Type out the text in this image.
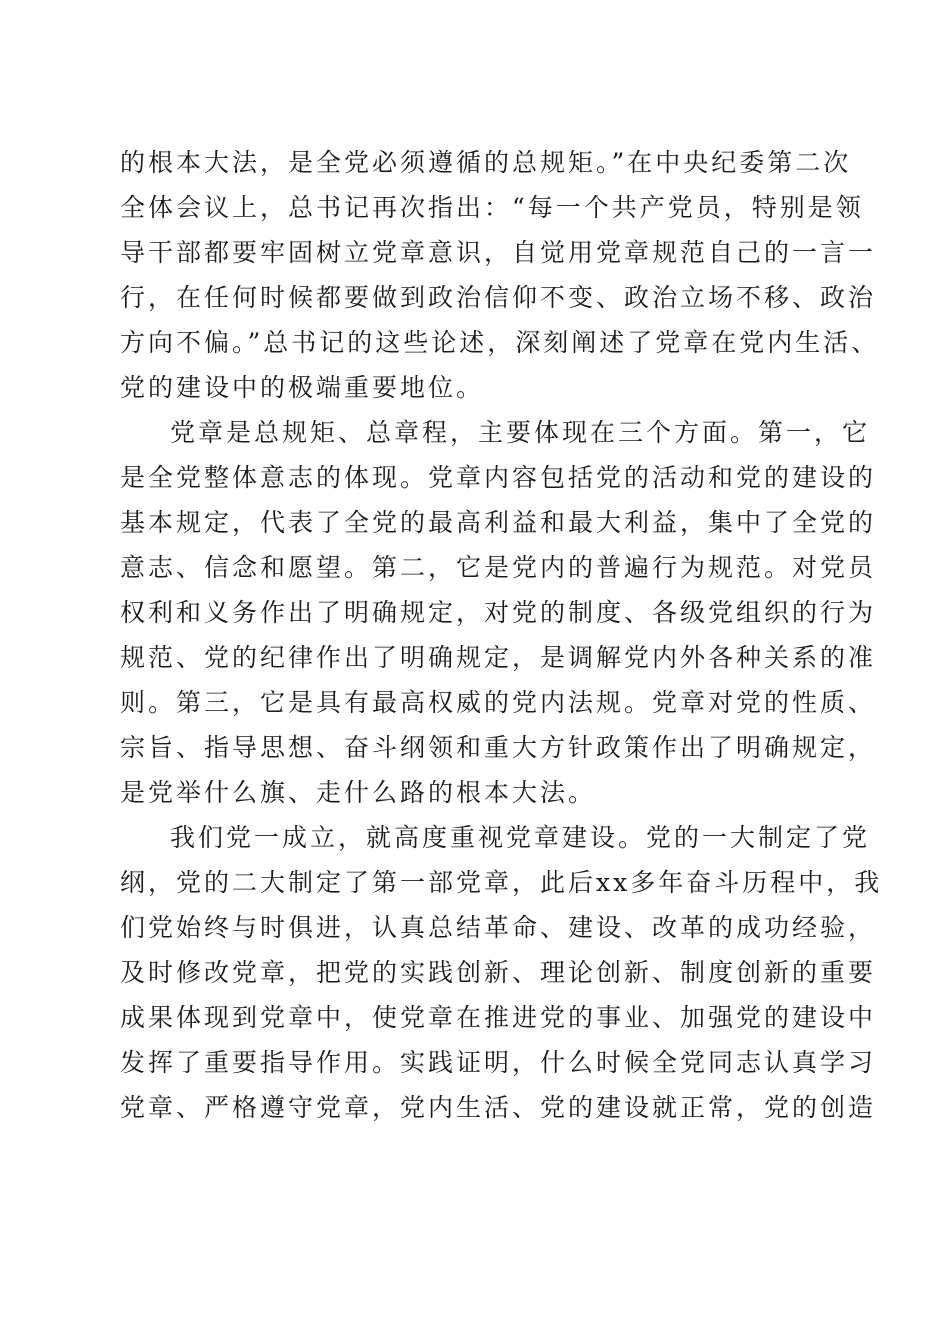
的根本大法，是全党必须遵循的总规矩。”在中央纪委第二次
全体会议上，总书记再次指出：“每一个共产党员，特别是领
导干部都要牢固树立党章意识，自觉用党章规范自己的一言一
行，在任何时候都要做到政治信仰不变、政治立场不移、政治
方向不偏。”总书记的这些论述，深刻阐述了党章在党内生活、
党的建设中的极端重要地位。
党章是总规矩、总章程，主要体现在三个方面。第一，它
是全党整体意志的体现。党章内容包括党的活动和党的建设的
基本规定，代表了全党的最高利益和最大利益，集中了全党的
意志、信念和愿望。第二，它是党内的普遍行为规范。对党员
权利和义务作出了明确规定，对党的制度、各级党组织的行为
规范、党的纪律作出了明确规定，是调解党内外各种关系的准
则。第三，它是具有最高权威的党内法规。党章对党的性质、
宗旨、指导思想、奋斗纲领和重大方针政策作出了明确规定，
是党举什么旗、走什么路的根本大法。
我们党一成立，就高度重视党章建设。党的一大制定了党
纲，党的二大制定了第一部党章，此后xx多年奋斗历程中，我
们党始终与时俱进，认真总结革命、建设、改革的成功经验，
及时修改党章，把党的实践创新、理论创新、制度创新的重要
成果体现到党章中，使党章在推进党的事业、加强党的建设中
发挥了重要指导作用。实践证明，什么时候全党同志认真学习
党章、严格遵守党章，党内生活、党的建设就正常，党的创造
